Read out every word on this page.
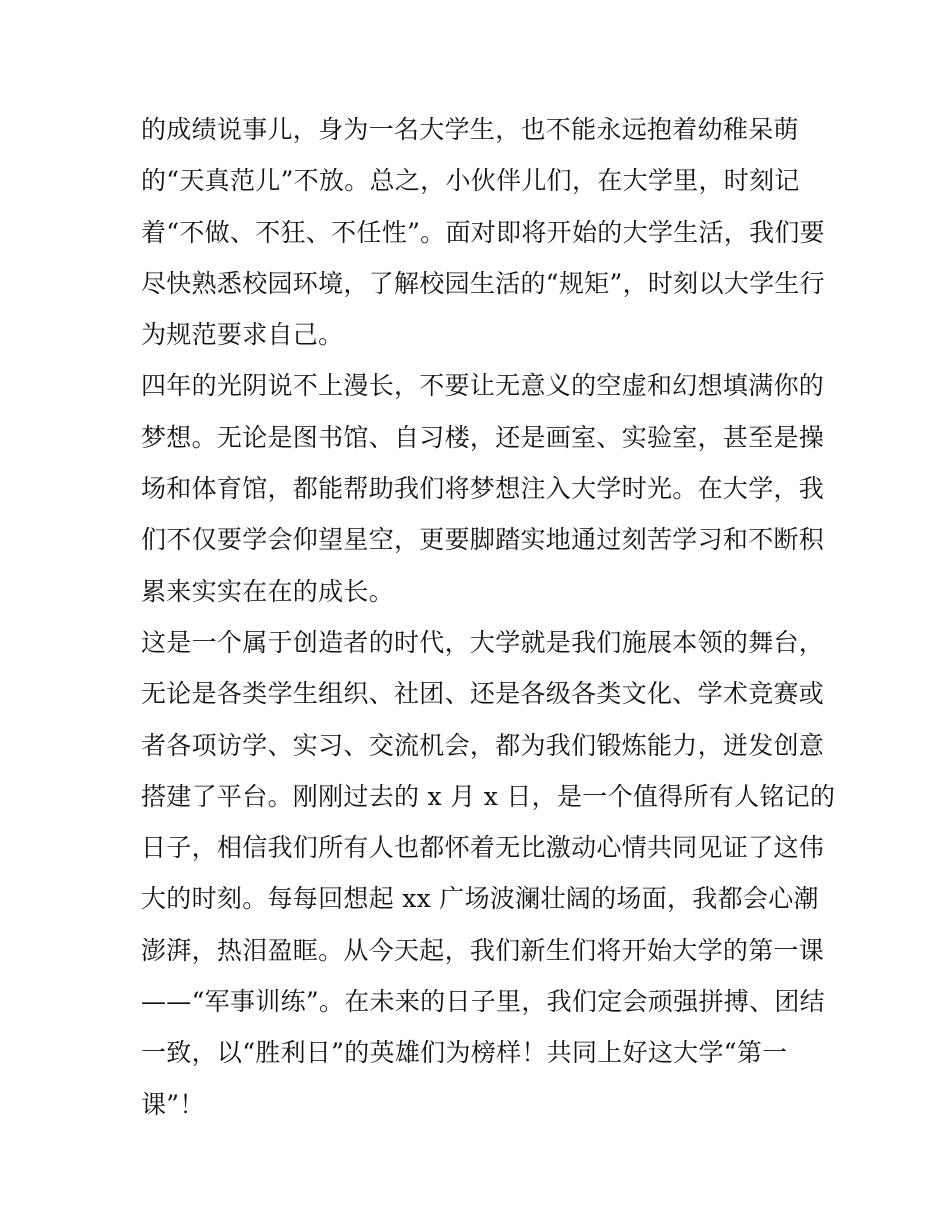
的成绩说事儿，身为一名大学生，也不能永远抱着幼稚呆萌
的“天真范儿”不放。总之，小伙伴儿们，在大学里，时刻记
着“不做、不狂、不任性”。面对即将开始的大学生活，我们要
尽快熟悉校园环境，了解校园生活的“规矩”，时刻以大学生行
为规范要求自己。
四年的光阴说不上漫长，不要让无意义的空虚和幻想填满你的
梦想。无论是图书馆、自习楼，还是画室、实验室，甚至是操
场和体育馆，都能帮助我们将梦想注入大学时光。在大学，我
们不仅要学会仰望星空，更要脚踏实地通过刻苦学习和不断积
累来实实在在的成长。
这是一个属于创造者的时代，大学就是我们施展本领的舞台，
无论是各类学生组织、社团、还是各级各类文化、学术竞赛或
者各项访学、实习、交流机会，都为我们锻炼能力，迸发创意
搭建了平台。刚刚过去的 x 月 x 日，是一个值得所有人铭记的
日子，相信我们所有人也都怀着无比激动心情共同见证了这伟
大的时刻。每每回想起 xx 广场波澜壮阔的场面，我都会心潮
澎湃，热泪盈眶。从今天起，我们新生们将开始大学的第一课
——“军事训练”。在未来的日子里，我们定会顽强拼搏、团结
一致，以“胜利日”的英雄们为榜样！共同上好这大学“第一
课”！
